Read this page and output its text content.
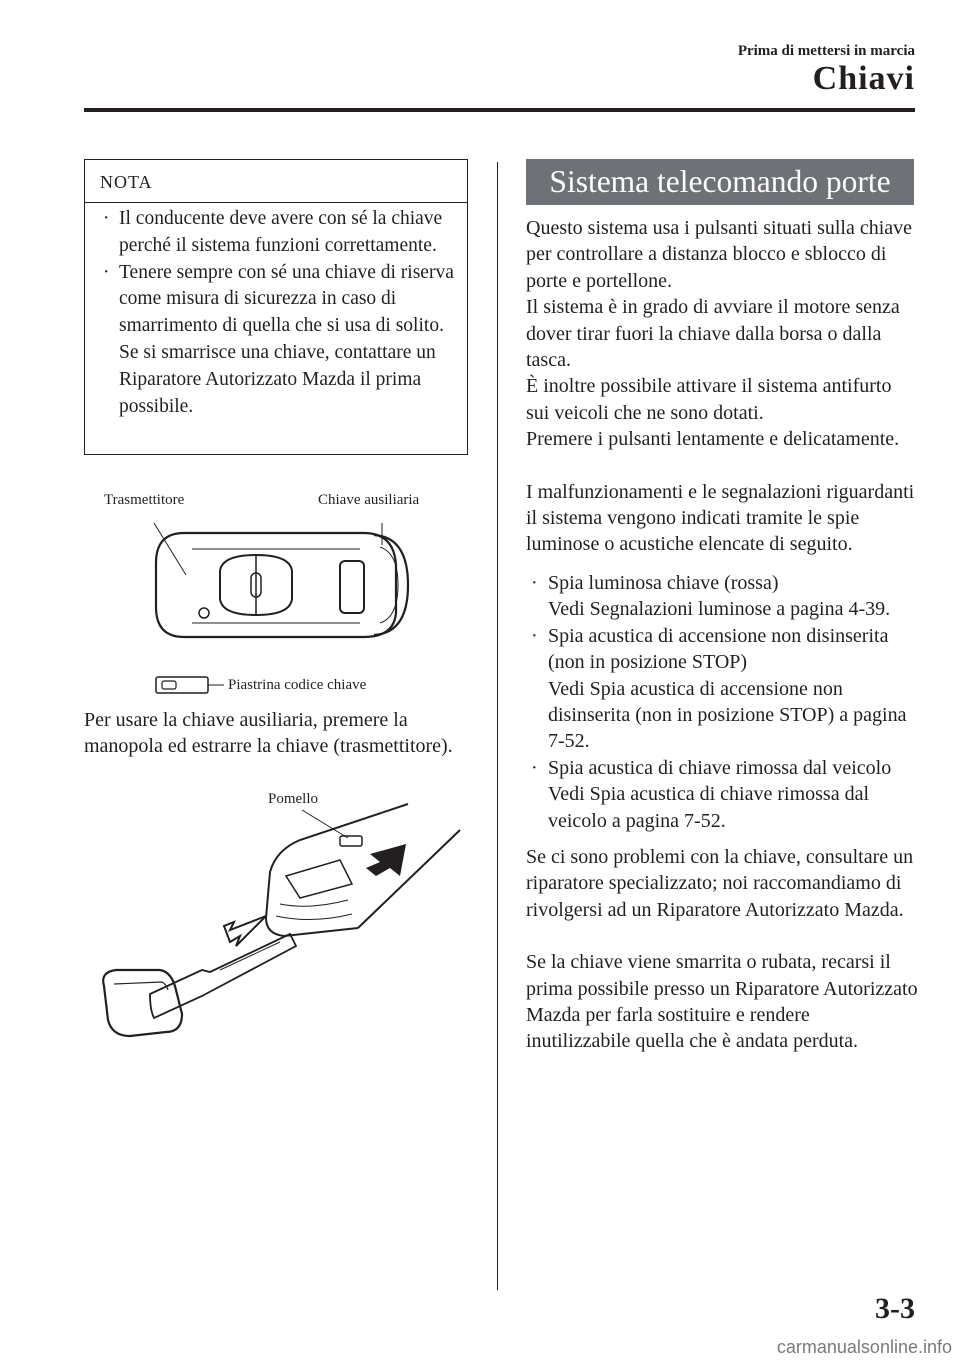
Prima di mettersi in marcia
Chiavi
NOTA
· Il conducente deve avere con sé la chiave perché il sistema funzioni correttamente.
· Tenere sempre con sé una chiave di riserva come misura di sicurezza in caso di smarrimento di quella che si usa di solito. Se si smarrisce una chiave, contattare un Riparatore Autorizzato Mazda il prima possibile.
Trasmettitore	Chiave ausiliaria
Piastrina codice chiave
Per usare la chiave ausiliaria, premere la manopola ed estrarre la chiave (trasmettitore).
Pomello
Sistema telecomando porte

Questo sistema usa i pulsanti situati sulla chiave per controllare a distanza blocco e sblocco di porte e portellone.

Il sistema è in grado di avviare il motore senza dover tirar fuori la chiave dalla borsa o dalla tasca.

È inoltre possibile attivare il sistema antifurto sui veicoli che ne sono dotati.

Premere i pulsanti lentamente e delicatamente.

I malfunzionamenti e le segnalazioni riguardanti il sistema vengono indicati tramite le spie luminose o acustiche elencate di seguito.

· Spia luminosa chiave (rossa)
Vedi Segnalazioni luminose a pagina 4-39.
· Spia acustica di accensione non disinserita (non in posizione STOP)
Vedi Spia acustica di accensione non disinserita (non in posizione STOP) a pagina 7-52.
· Spia acustica di chiave rimossa dal veicolo
Vedi Spia acustica di chiave rimossa dal veicolo a pagina 7-52.

Se ci sono problemi con la chiave, consultare un riparatore specializzato; noi raccomandiamo di rivolgersi ad un Riparatore Autorizzato Mazda.

Se la chiave viene smarrita o rubata, recarsi il prima possibile presso un Riparatore Autorizzato Mazda per farla sostituire e rendere inutilizzabile quella che è andata perduta.

3-3
carmanualsonline.info
